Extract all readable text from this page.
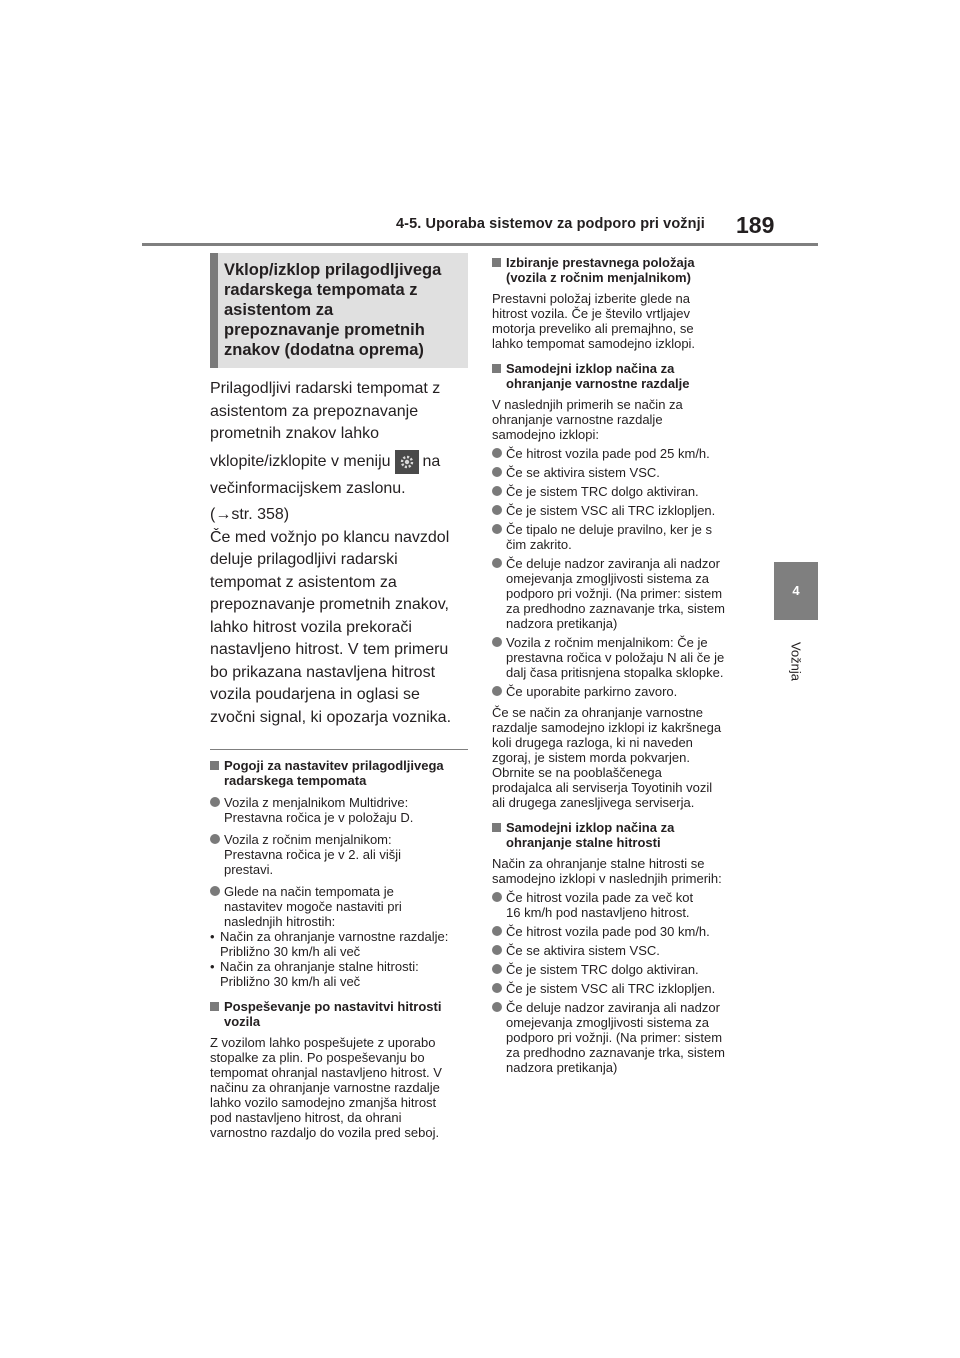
4-5. Uporaba sistemov za podporo pri vožnji 189
4
Vožnja
Vklop/izklop prilagodljivega
radarskega tempomata z
asistentom za
prepoznavanje prometnih
znakov (dodatna oprema)
Prilagodljivi radarski tempomat z
asistentom za prepoznavanje
prometnih znakov lahko
vklopite/izklopite v meniju na
večinformacijskem zaslonu.
(→str. 358)
Če med vožnjo po klancu navzdol
deluje prilagodljivi radarski
tempomat z asistentom za
prepoznavanje prometnih znakov,
lahko hitrost vozila prekorači
nastavljeno hitrost. V tem primeru
bo prikazana nastavljena hitrost
vozila poudarjena in oglasi se
zvočni signal, ki opozarja voznika.
Pogoji za nastavitev prilagodljivega
radarskega tempomata
Vozila z menjalnikom Multidrive:
Prestavna ročica je v položaju D.
Vozila z ročnim menjalnikom:
Prestavna ročica je v 2. ali višji
prestavi.
Glede na način tempomata je
nastavitev mogoče nastaviti pri
naslednjih hitrostih:
• Način za ohranjanje varnostne razdalje: Približno 30 km/h ali več
• Način za ohranjanje stalne hitrosti: Približno 30 km/h ali več
Pospeševanje po nastavitvi hitrosti
vozila
Z vozilom lahko pospešujete z uporabo
stopalke za plin. Po pospeševanju bo
tempomat ohranjal nastavljeno hitrost. V
načinu za ohranjanje varnostne razdalje
lahko vozilo samodejno zmanjša hitrost
pod nastavljeno hitrost, da ohrani
varnostno razdaljo do vozila pred seboj.
Izbiranje prestavnega položaja
(vozila z ročnim menjalnikom)
Prestavni položaj izberite glede na
hitrost vozila. Če je število vrtljajev
motorja preveliko ali premajhno, se
lahko tempomat samodejno izklopi.
Samodejni izklop načina za
ohranjanje varnostne razdalje
V naslednjih primerih se način za
ohranjanje varnostne razdalje
samodejno izklopi:
Če hitrost vozila pade pod 25 km/h.
Če se aktivira sistem VSC.
Če je sistem TRC dolgo aktiviran.
Če je sistem VSC ali TRC izklopljen.
Če tipalo ne deluje pravilno, ker je s
čim zakrito.
Če deluje nadzor zaviranja ali nadzor
omejevanja zmogljivosti sistema za
podporo pri vožnji. (Na primer: sistem
za predhodno zaznavanje trka, sistem
nadzora pretikanja)
Vozila z ročnim menjalnikom: Če je
prestavna ročica v položaju N ali če je
dalj časa pritisnjena stopalka sklopke.
Če uporabite parkirno zavoro.
Če se način za ohranjanje varnostne
razdalje samodejno izklopi iz kakršnega
koli drugega razloga, ki ni naveden
zgoraj, je sistem morda pokvarjen.
Obrnite se na pooblaščenega
prodajalca ali serviserja Toyotinih vozil
ali drugega zanesljivega serviserja.
Samodejni izklop načina za
ohranjanje stalne hitrosti
Način za ohranjanje stalne hitrosti se
samodejno izklopi v naslednjih primerih:
Če hitrost vozila pade za več kot
16 km/h pod nastavljeno hitrost.
Če hitrost vozila pade pod 30 km/h.
Če se aktivira sistem VSC.
Če je sistem TRC dolgo aktiviran.
Če je sistem VSC ali TRC izklopljen.
Če deluje nadzor zaviranja ali nadzor
omejevanja zmogljivosti sistema za
podporo pri vožnji. (Na primer: sistem
za predhodno zaznavanje trka, sistem
nadzora pretikanja)
